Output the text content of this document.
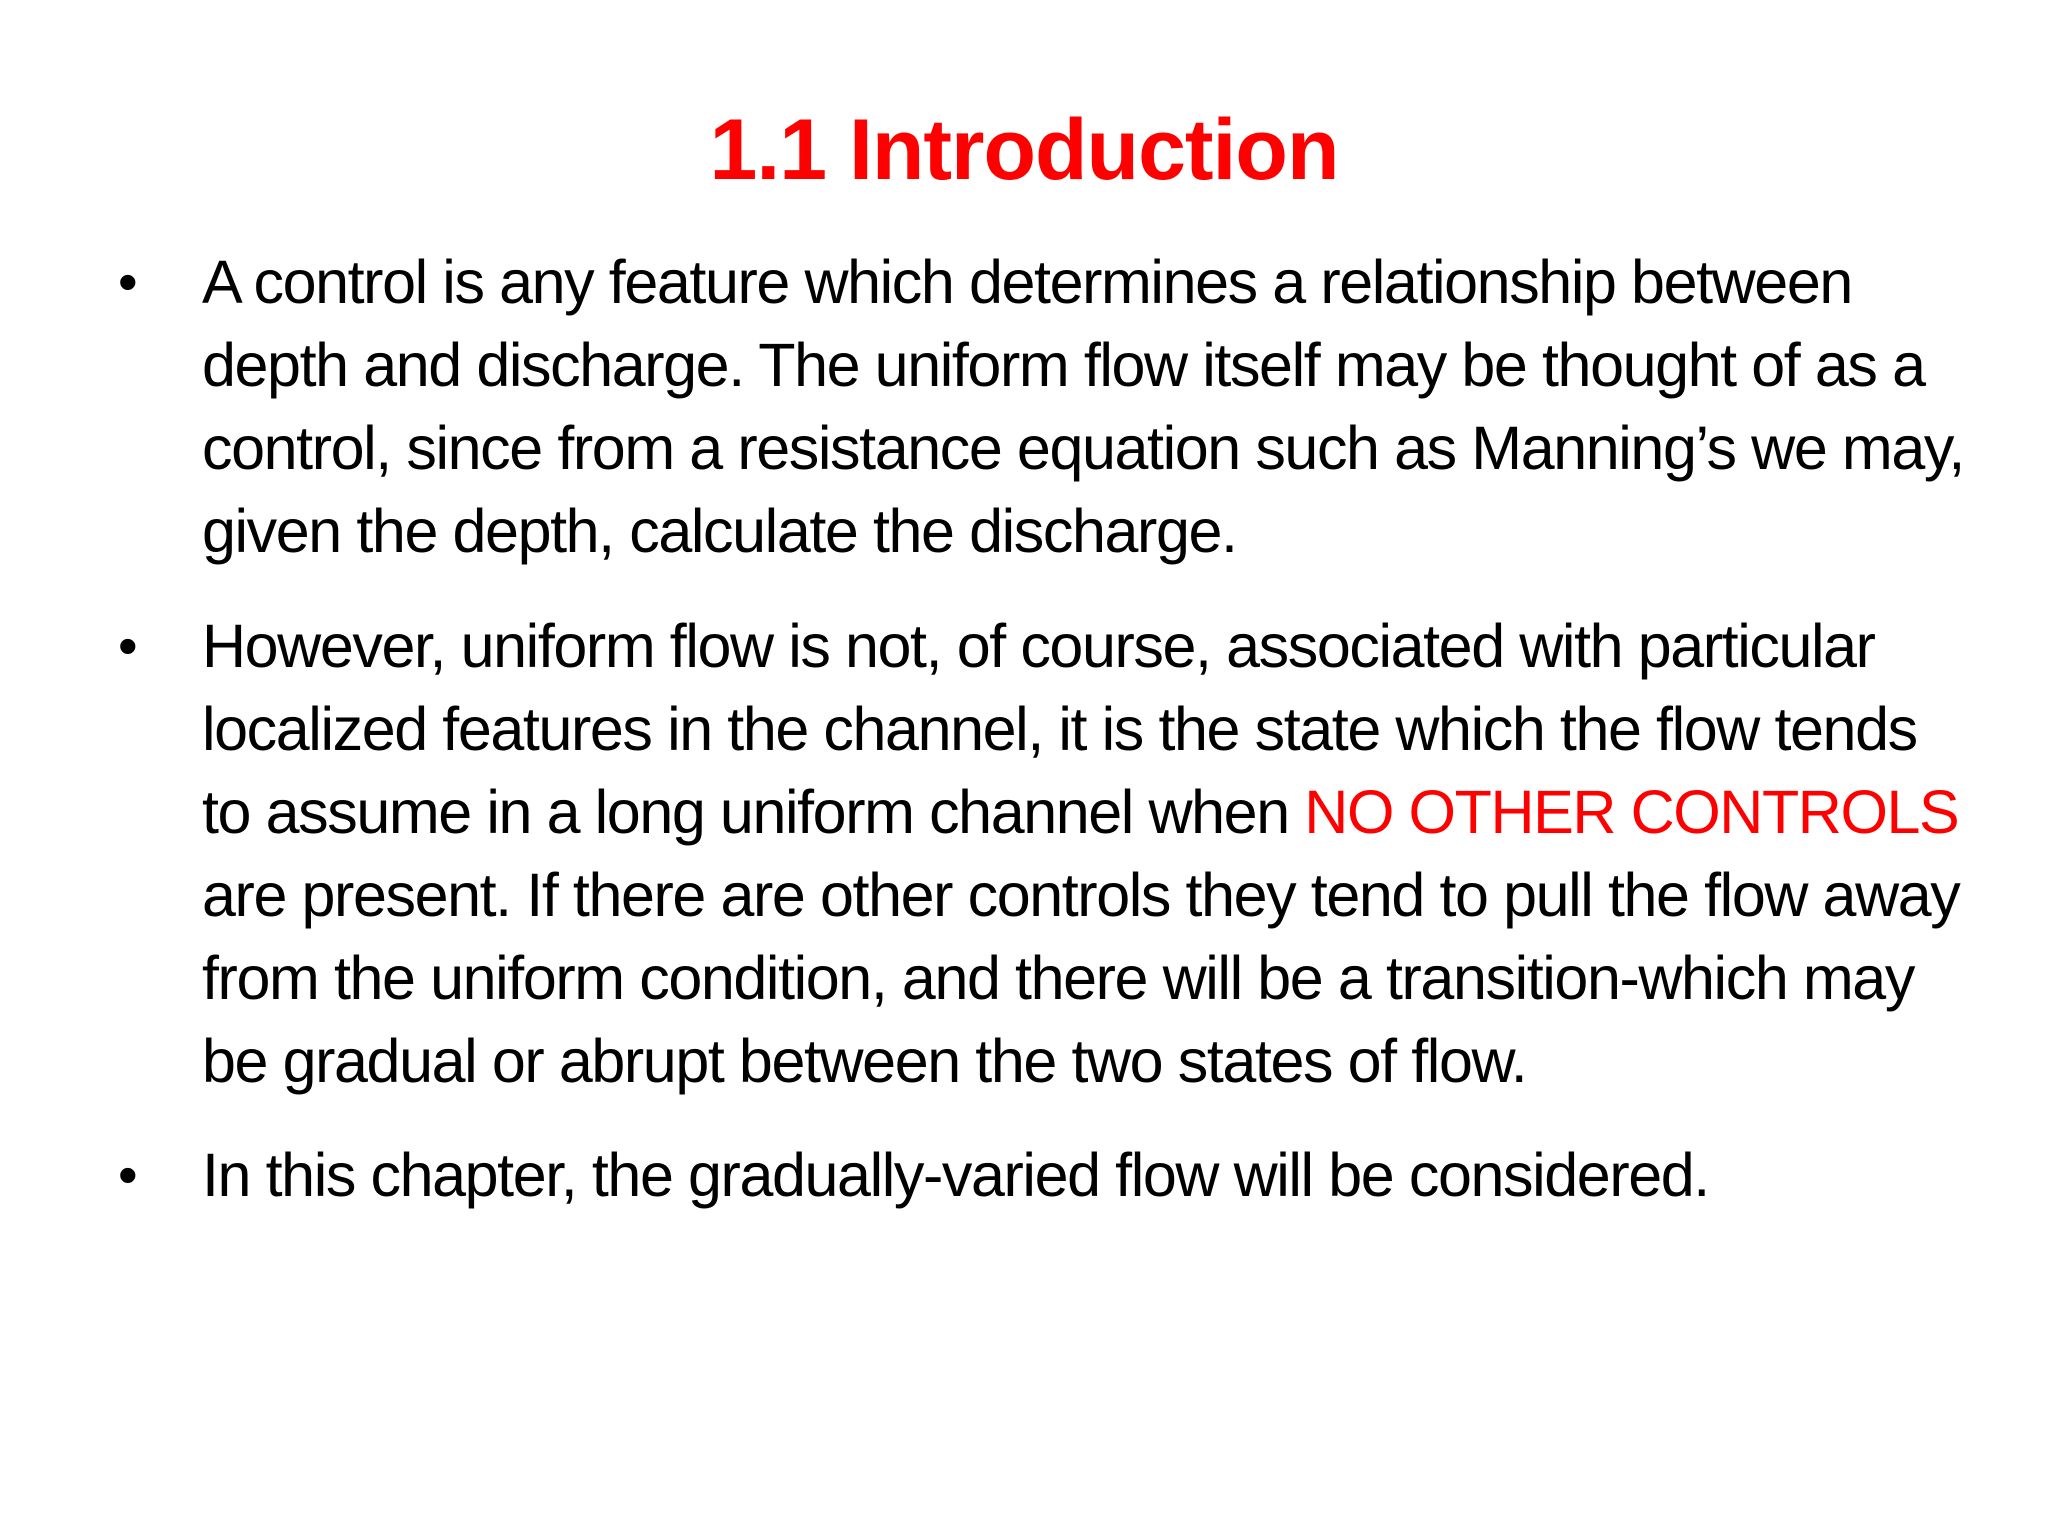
1.1 Introduction
• A control is any feature which determines a relationship between
depth and discharge. The uniform flow itself may be thought of as a
control, since from a resistance equation such as Manning’s we may,
given the depth, calculate the discharge.
• However, uniform flow is not, of course, associated with particular
localized features in the channel, it is the state which the flow tends
to assume in a long uniform channel when NO OTHER CONTROLS
are present. If there are other controls they tend to pull the flow away
from the uniform condition, and there will be a transition-which may
be gradual or abrupt between the two states of flow.
• In this chapter, the gradually-varied flow will be considered.
